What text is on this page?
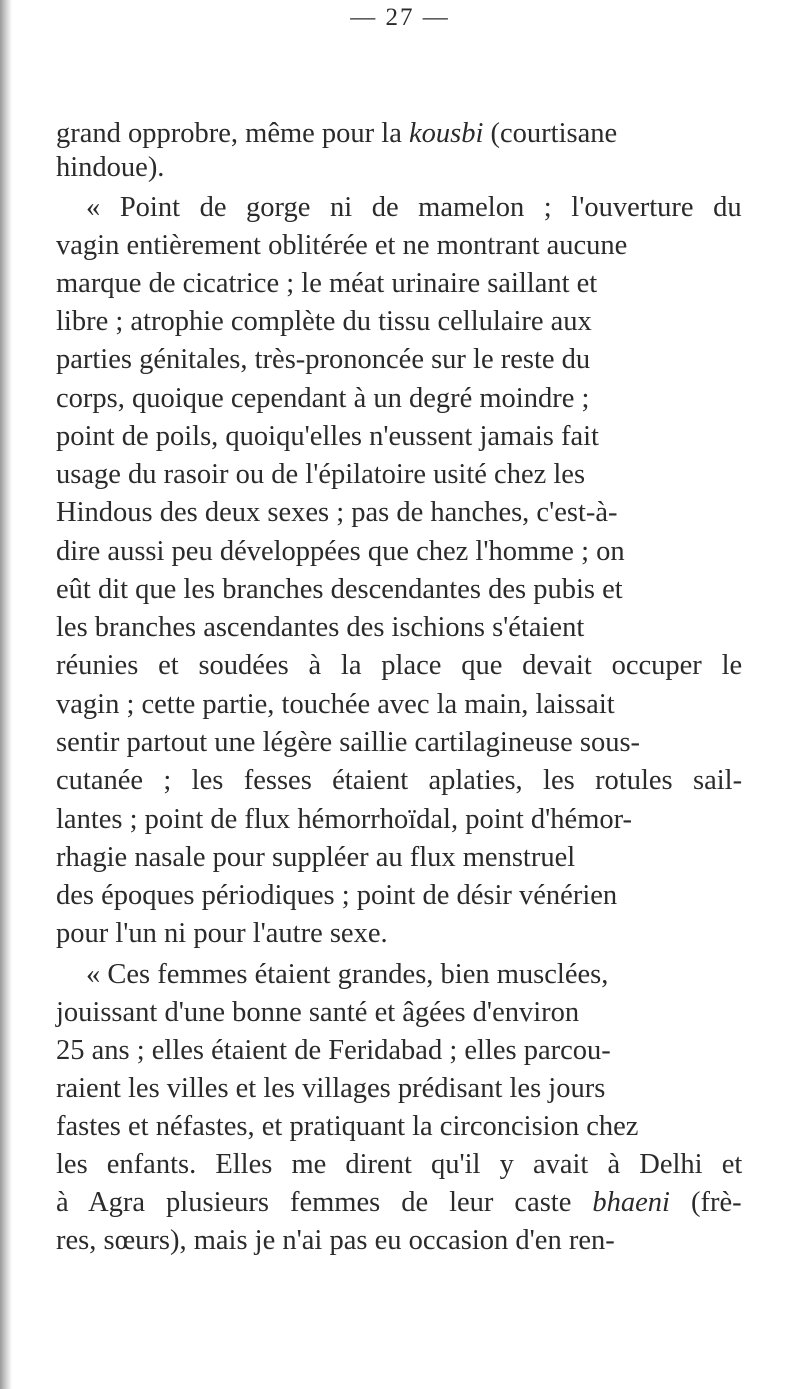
— 27 —
grand opprobre, même pour la kousbi (courtisane
hindoue).
« Point de gorge ni de mamelon ; l'ouverture du
vagin entièrement oblitérée et ne montrant aucune
marque de cicatrice ; le méat urinaire saillant et
libre ; atrophie complète du tissu cellulaire aux
parties génitales, très-prononcée sur le reste du
corps, quoique cependant à un degré moindre ;
point de poils, quoiqu'elles n'eussent jamais fait
usage du rasoir ou de l'épilatoire usité chez les
Hindous des deux sexes ; pas de hanches, c'est-à-
dire aussi peu développées que chez l'homme ; on
eût dit que les branches descendantes des pubis et
les branches ascendantes des ischions s'étaient
réunies et soudées à la place que devait occuper le
vagin ; cette partie, touchée avec la main, laissait
sentir partout une légère saillie cartilagineuse sous-
cutanée ; les fesses étaient aplaties, les rotules sail-
lantes ; point de flux hémorrhoïdal, point d'hémor-
rhagie nasale pour suppléer au flux menstruel
des époques périodiques ; point de désir vénérien
pour l'un ni pour l'autre sexe.
« Ces femmes étaient grandes, bien musclées,
jouissant d'une bonne santé et âgées d'environ
25 ans ; elles étaient de Feridabad ; elles parcou-
raient les villes et les villages prédisant les jours
fastes et néfastes, et pratiquant la circoncision chez
les enfants. Elles me dirent qu'il y avait à Delhi et
à Agra plusieurs femmes de leur caste bhaeni (frè-
res, sœurs), mais je n'ai pas eu occasion d'en ren-
